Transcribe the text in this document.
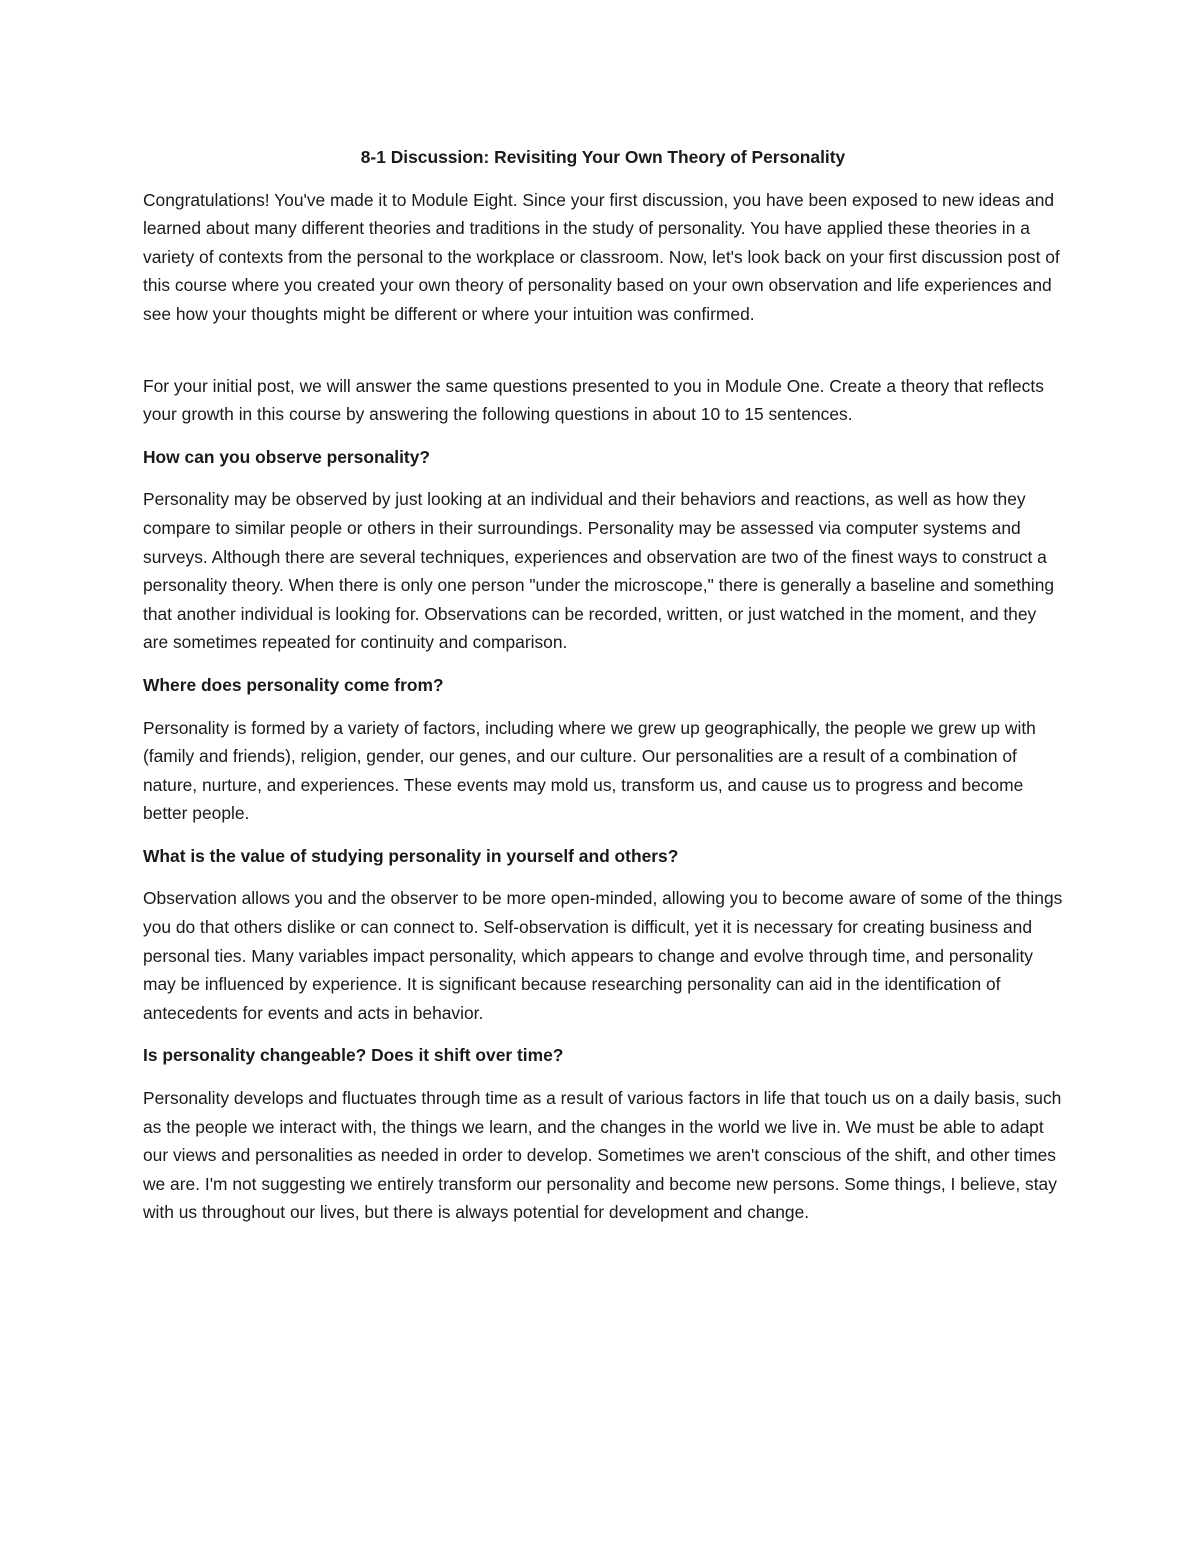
8-1 Discussion: Revisiting Your Own Theory of Personality

Congratulations! You've made it to Module Eight. Since your first discussion, you have been exposed to new ideas and learned about many different theories and traditions in the study of personality. You have applied these theories in a variety of contexts from the personal to the workplace or classroom. Now, let's look back on your first discussion post of this course where you created your own theory of personality based on your own observation and life experiences and see how your thoughts might be different or where your intuition was confirmed.

For your initial post, we will answer the same questions presented to you in Module One. Create a theory that reflects your growth in this course by answering the following questions in about 10 to 15 sentences.

How can you observe personality?

Personality may be observed by just looking at an individual and their behaviors and reactions, as well as how they compare to similar people or others in their surroundings. Personality may be assessed via computer systems and surveys. Although there are several techniques, experiences and observation are two of the finest ways to construct a personality theory. When there is only one person "under the microscope," there is generally a baseline and something that another individual is looking for. Observations can be recorded, written, or just watched in the moment, and they are sometimes repeated for continuity and comparison.

Where does personality come from?

Personality is formed by a variety of factors, including where we grew up geographically, the people we grew up with (family and friends), religion, gender, our genes, and our culture. Our personalities are a result of a combination of nature, nurture, and experiences. These events may mold us, transform us, and cause us to progress and become better people.

What is the value of studying personality in yourself and others?

Observation allows you and the observer to be more open-minded, allowing you to become aware of some of the things you do that others dislike or can connect to. Self-observation is difficult, yet it is necessary for creating business and personal ties. Many variables impact personality, which appears to change and evolve through time, and personality may be influenced by experience. It is significant because researching personality can aid in the identification of antecedents for events and acts in behavior.

Is personality changeable? Does it shift over time?

Personality develops and fluctuates through time as a result of various factors in life that touch us on a daily basis, such as the people we interact with, the things we learn, and the changes in the world we live in. We must be able to adapt our views and personalities as needed in order to develop. Sometimes we aren't conscious of the shift, and other times we are. I'm not suggesting we entirely transform our personality and become new persons. Some things, I believe, stay with us throughout our lives, but there is always potential for development and change.
